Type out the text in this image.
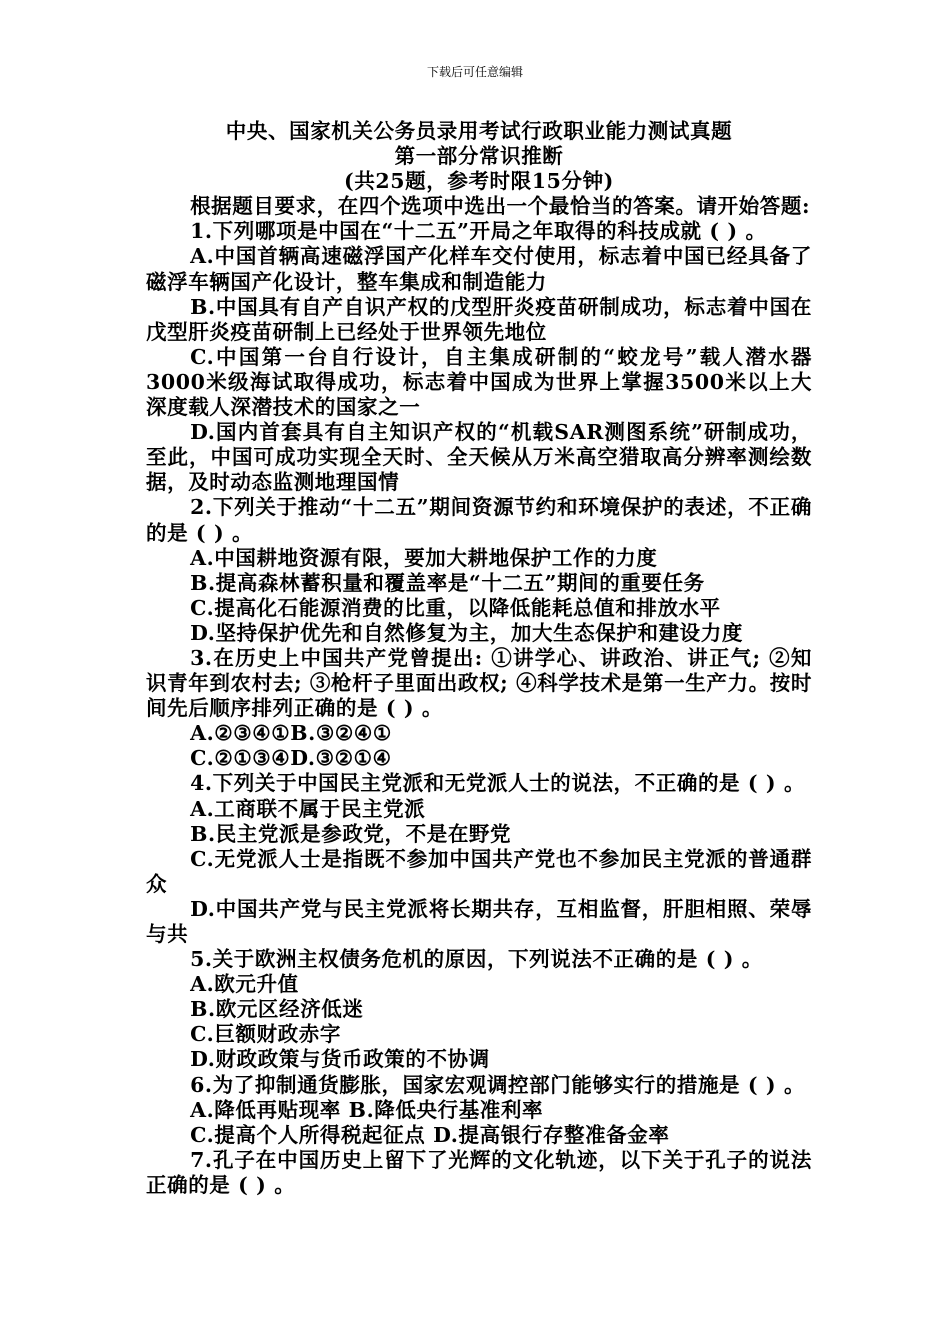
下载后可任意编辑

中央、国家机关公务员录用考试行政职业能力测试真题

第一部分常识推断

(共25题，参考时限15分钟)

根据题目要求，在四个选项中选出一个最恰当的答案。请开始答题:

1.下列哪项是中国在“十二五”开局之年取得的科技成就 ( ) 。

A.中国首辆高速磁浮国产化样车交付使用，标志着中国已经具备了磁浮车辆国产化设计，整车集成和制造能力

B.中国具有自产自识产权的戊型肝炎疫苗研制成功，标志着中国在戊型肝炎疫苗研制上已经处于世界领先地位

C.中国第一台自行设计，自主集成研制的“蛟龙号”载人潜水器3000米级海试取得成功，标志着中国成为世界上掌握3500米以上大深度载人深潜技术的国家之一

D.国内首套具有自主知识产权的“机载SAR测图系统”研制成功，至此，中国可成功实现全天时、全天候从万米高空猎取高分辨率测绘数据，及时动态监测地理国情

2.下列关于推动“十二五”期间资源节约和环境保护的表述，不正确的是 ( ) 。

A.中国耕地资源有限，要加大耕地保护工作的力度

B.提高森林蓄积量和覆盖率是“十二五”期间的重要任务

C.提高化石能源消费的比重，以降低能耗总值和排放水平

D.坚持保护优先和自然修复为主，加大生态保护和建设力度

3.在历史上中国共产党曾提出: ①讲学心、讲政治、讲正气; ②知识青年到农村去; ③枪杆子里面出政权; ④科学技术是第一生产力。按时间先后顺序排列正确的是 ( ) 。

A.②③④①B.③②④①

C.②①③④D.③②①④

4.下列关于中国民主党派和无党派人士的说法，不正确的是 ( ) 。

A.工商联不属于民主党派

B.民主党派是参政党，不是在野党

C.无党派人士是指既不参加中国共产党也不参加民主党派的普通群众

D.中国共产党与民主党派将长期共存，互相监督，肝胆相照、荣辱与共

5.关于欧洲主权债务危机的原因，下列说法不正确的是 ( ) 。

A.欧元升值

B.欧元区经济低迷

C.巨额财政赤字

D.财政政策与货币政策的不协调

6.为了抑制通货膨胀，国家宏观调控部门能够实行的措施是 ( ) 。

A.降低再贴现率 B.降低央行基准利率

C.提高个人所得税起征点 D.提高银行存整准备金率

7.孔子在中国历史上留下了光辉的文化轨迹，以下关于孔子的说法正确的是 ( ) 。
